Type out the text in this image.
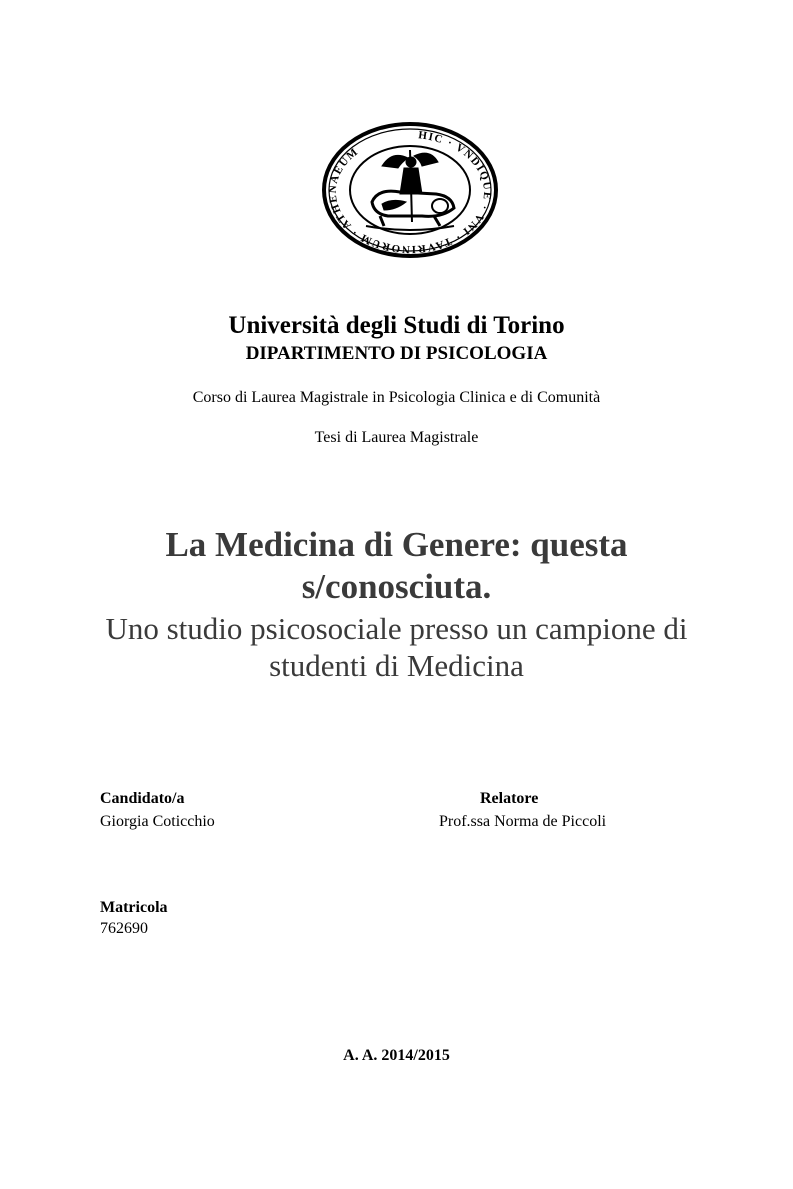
HIC · VNDIQUE · VNI · TAVRINORUM · ATHENAEUM
Università degli Studi di Torino
DIPARTIMENTO DI PSICOLOGIA
Corso di Laurea Magistrale in Psicologia Clinica e di Comunità
Tesi di Laurea Magistrale
La Medicina di Genere: questa
s/conosciuta.
Uno studio psicosociale presso un campione di
studenti di Medicina
Candidato/a
Giorgia Coticchio
Relatore
Prof.ssa Norma de Piccoli
Matricola
762690
A. A. 2014/2015
